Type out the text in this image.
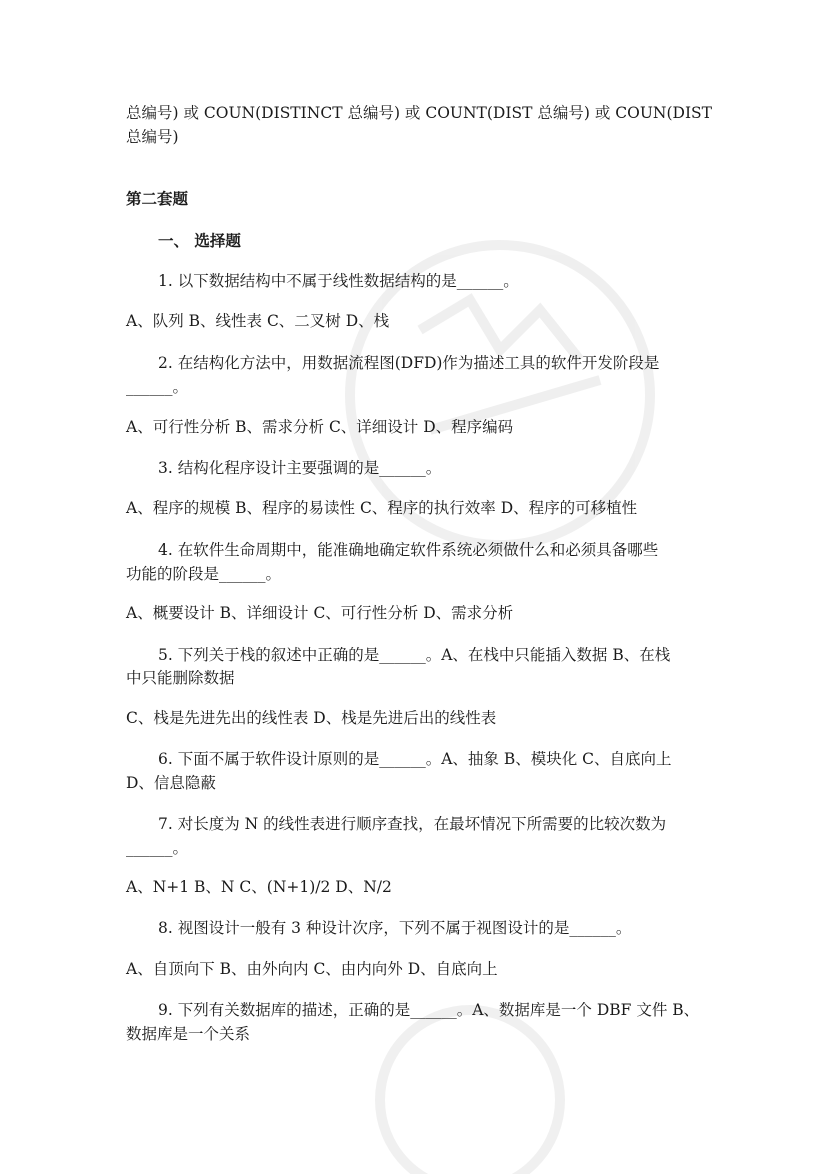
总编号) 或 COUN(DISTINCT 总编号) 或 COUNT(DIST 总编号) 或 COUN(DIST
总编号)
第二套题
一、 选择题
1. 以下数据结构中不属于线性数据结构的是______。
A、队列 B、线性表 C、二叉树 D、栈
2. 在结构化方法中，用数据流程图(DFD)作为描述工具的软件开发阶段是
______。
A、可行性分析 B、需求分析 C、详细设计 D、程序编码
3. 结构化程序设计主要强调的是______。
A、程序的规模 B、程序的易读性 C、程序的执行效率 D、程序的可移植性
4. 在软件生命周期中，能准确地确定软件系统必须做什么和必须具备哪些
功能的阶段是______。
A、概要设计 B、详细设计 C、可行性分析 D、需求分析
5. 下列关于栈的叙述中正确的是______。A、在栈中只能插入数据 B、在栈
中只能删除数据
C、栈是先进先出的线性表 D、栈是先进后出的线性表
6. 下面不属于软件设计原则的是______。A、抽象 B、模块化 C、自底向上
D、信息隐蔽
7. 对长度为 N 的线性表进行顺序查找，在最坏情况下所需要的比较次数为
______。
A、N+1 B、N C、(N+1)/2 D、N/2
8. 视图设计一般有 3 种设计次序，下列不属于视图设计的是______。
A、自顶向下 B、由外向内 C、由内向外 D、自底向上
9. 下列有关数据库的描述，正确的是______。A、数据库是一个 DBF 文件 B、
数据库是一个关系
